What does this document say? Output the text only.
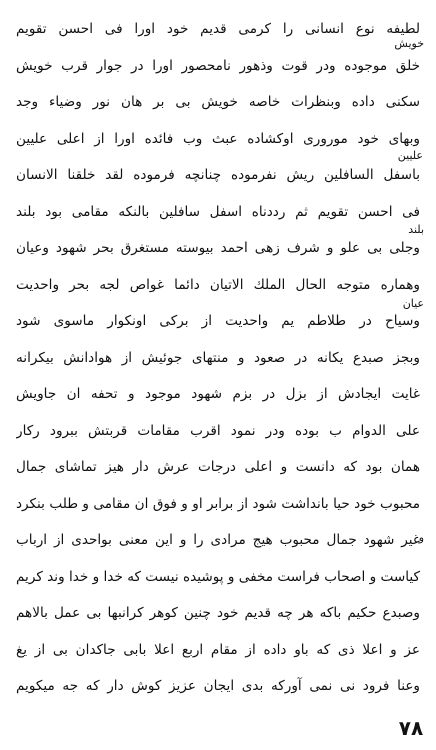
لطيفه نوع انسانى را كرمى قديم خود اورا فى احسن تقويم
خلق موجوده ودر قوت وذهور نامحصور اورا در جوار قرب خويش
سكنى داده وبنظرات خاصه خويش بى بر هان نور وضياء وجد
وبهاى خود مورورى اوكشاده عبث وب فائده اورا از اعلى عليين
باسفل السافلين ريش نفرموده چنانچه فرموده لقد خلقنا الانسان
فى احسن تقويم ثم رددناه اسفل سافلين بالنكه مقامى بود بلند
وجلى بى علو و شرف زهى احمد بيوسته مستغرق بحر شهود وعيان
وهماره متوجه الحال الملك الاتيان دائما غواص لجه بحر واحديت
وسياح در طلاطم يم واحديت از بركى اونكوار ماسوى شود
وبجز صبدع يكانه در صعود و منتهاى جوئيش از هوادانش بيكرانه
غايت ايجادش از بزل در بزم شهود موجود و تحفه ان جاويش
على الدوام ب بوده ودر نمود اقرب مقامات قربتش ببرود ركار
همان بود كه دانست و اعلى درجات عرش دار هيز تماشاى جمال
محبوب خود حيا بانداشت شود از برابر او و فوق ان مقامى و طلب بنكرد
غير شهود جمال محبوب هيج مرادى را و اين معنى بواحدى از ارباب
كياست و اصحاب فراست مخفى و پوشيده نيست كه خدا و خدا وند كريم
وصبدع حكيم باكه هر چه قديم خود چنين كوهر كرانبها بى عمل بالاهم
عز و اعلا ذى كه باو داده از مقام اربع اعلا بابى جاكدان بى از يغ
وعنا فرود نى نمى آوركه بدى ايجان عزيز كوش دار كه جه ميكويم
خويش
عليين
بلند
عيان
و
٧٨
